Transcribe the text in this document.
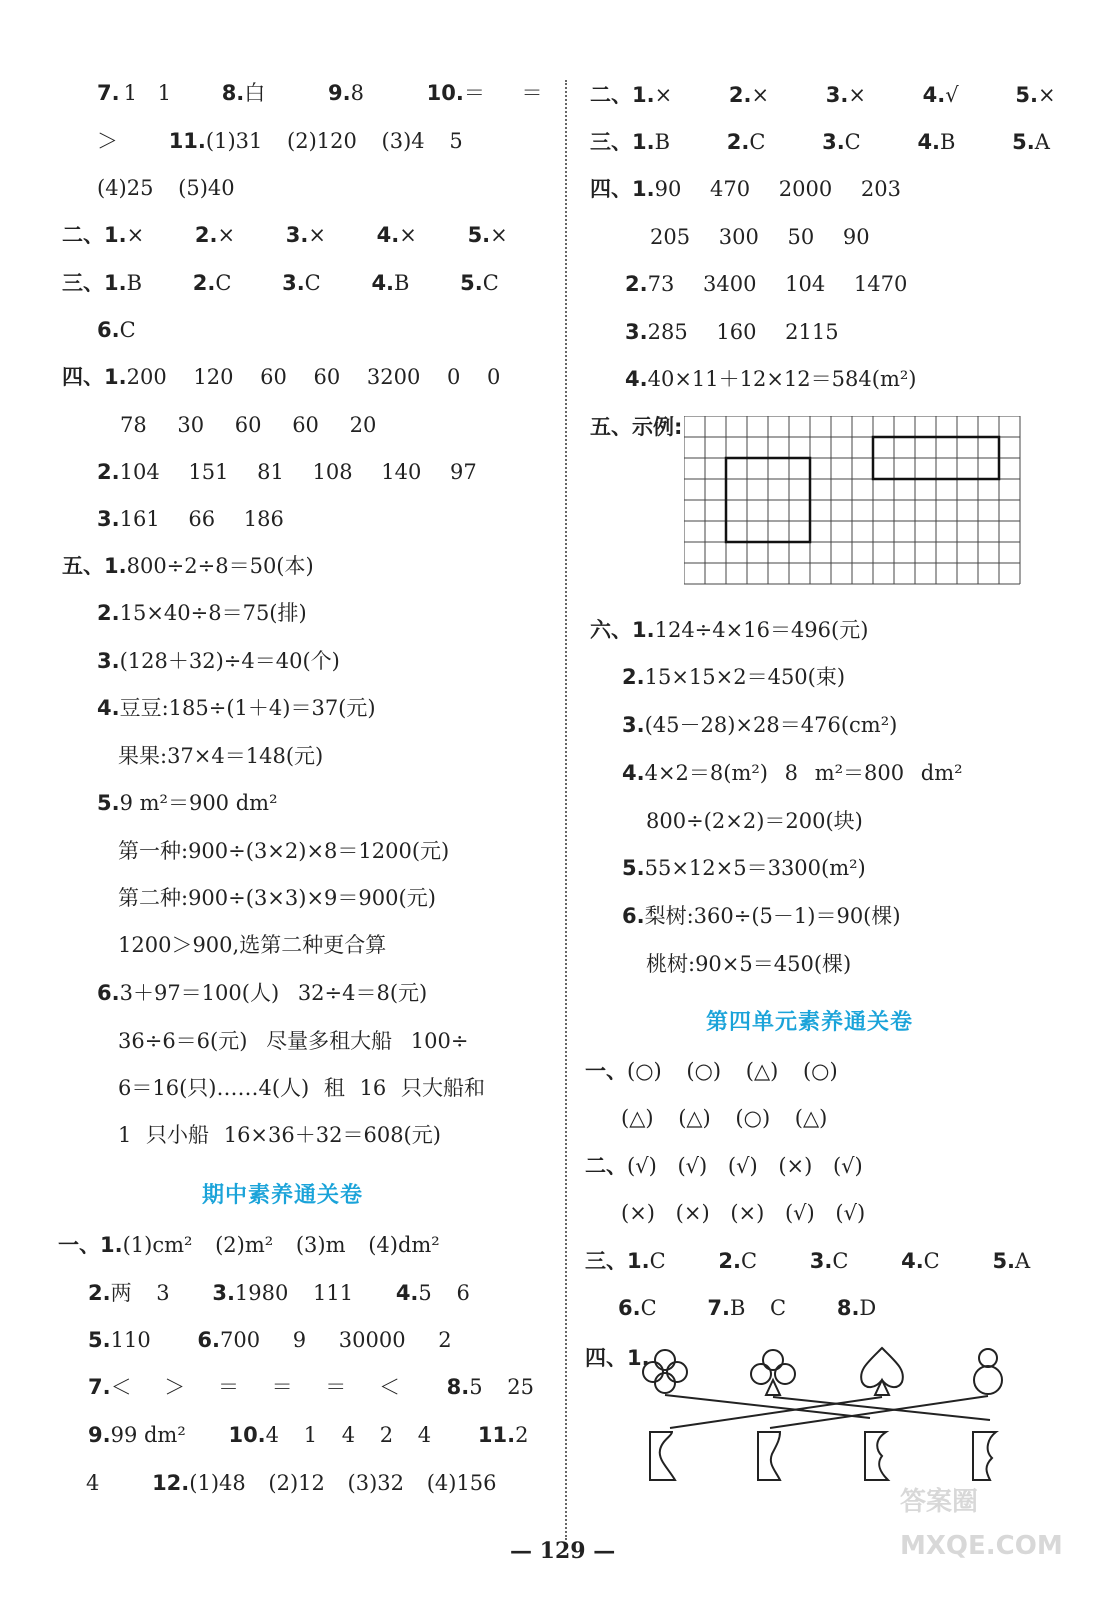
7. 1 1 8.白	9.8	10.＝ ＝
＞ 11.(1)31 (2)120 (3)4 5
(4)25 (5)40
二、1.× 2.× 3.× 4.× 5.×
三、1.B 2.C 3.C 4.B 5.C
6.C
四、1.200 120 60 60 3200 0 0
78 30 60 60 20
2.104 151 81 108 140 97
3.161 66 186
五、1.800÷2÷8＝50(本)
2.15×40÷8＝75(排)
3.(128＋32)÷4＝40(个)
4.豆豆:185÷(1＋4)＝37(元)
果果:37×4＝148(元)
5.9 m²＝900 dm²
第一种:900÷(3×2)×8＝1200(元)
第二种:900÷(3×3)×9＝900(元)
1200＞900,选第二种更合算
6.3＋97＝100(人) 32÷4＝8(元)
36÷6＝6(元) 尽量多租大船 100÷
6＝16(只)……4(人) 租 16 只大船和
1 只小船 16×36＋32＝608(元)
期中素养通关卷
一、1.(1)cm² (2)m² (3)m (4)dm²
2.两 3 3.1980 111 4.5 6
5.110 6.700 9 30000 2
7.＜ ＞ ＝ ＝ ＝ ＜ 8.5 25
9.99 dm² 10.4 1 4 2 4 11.2
4	12.(1)48 (2)12 (3)32 (4)156
二、1.×	2.×	3.×	4.√	5.×
三、1.B	2.C	3.C	4.B	5.A
四、1.90 470 2000 203
205 300 50 90
2.73 3400 104 1470
3.285 160 2115
4.40×11＋12×12＝584(m²)
五、示例:
六、1.124÷4×16＝496(元)
2.15×15×2＝450(束)
3.(45－28)×28＝476(cm²)
4.4×2＝8(m²) 8 m²＝800 dm²
800÷(2×2)＝200(块)
5.55×12×5＝3300(m²)
6.梨树:360÷(5－1)＝90(棵)
桃树:90×5＝450(棵)
第四单元素养通关卷
一、(○) (○) (△) (○)
(△) (△) (○) (△)
二、(√) (√) (√) (×) (√)
(×) (×) (×) (√) (√)
三、1.C	2.C	3.C	4.C	5.A
6.C 7.B C 8.D
四、1.
— 129 —
答案圈 MXQE.COM
